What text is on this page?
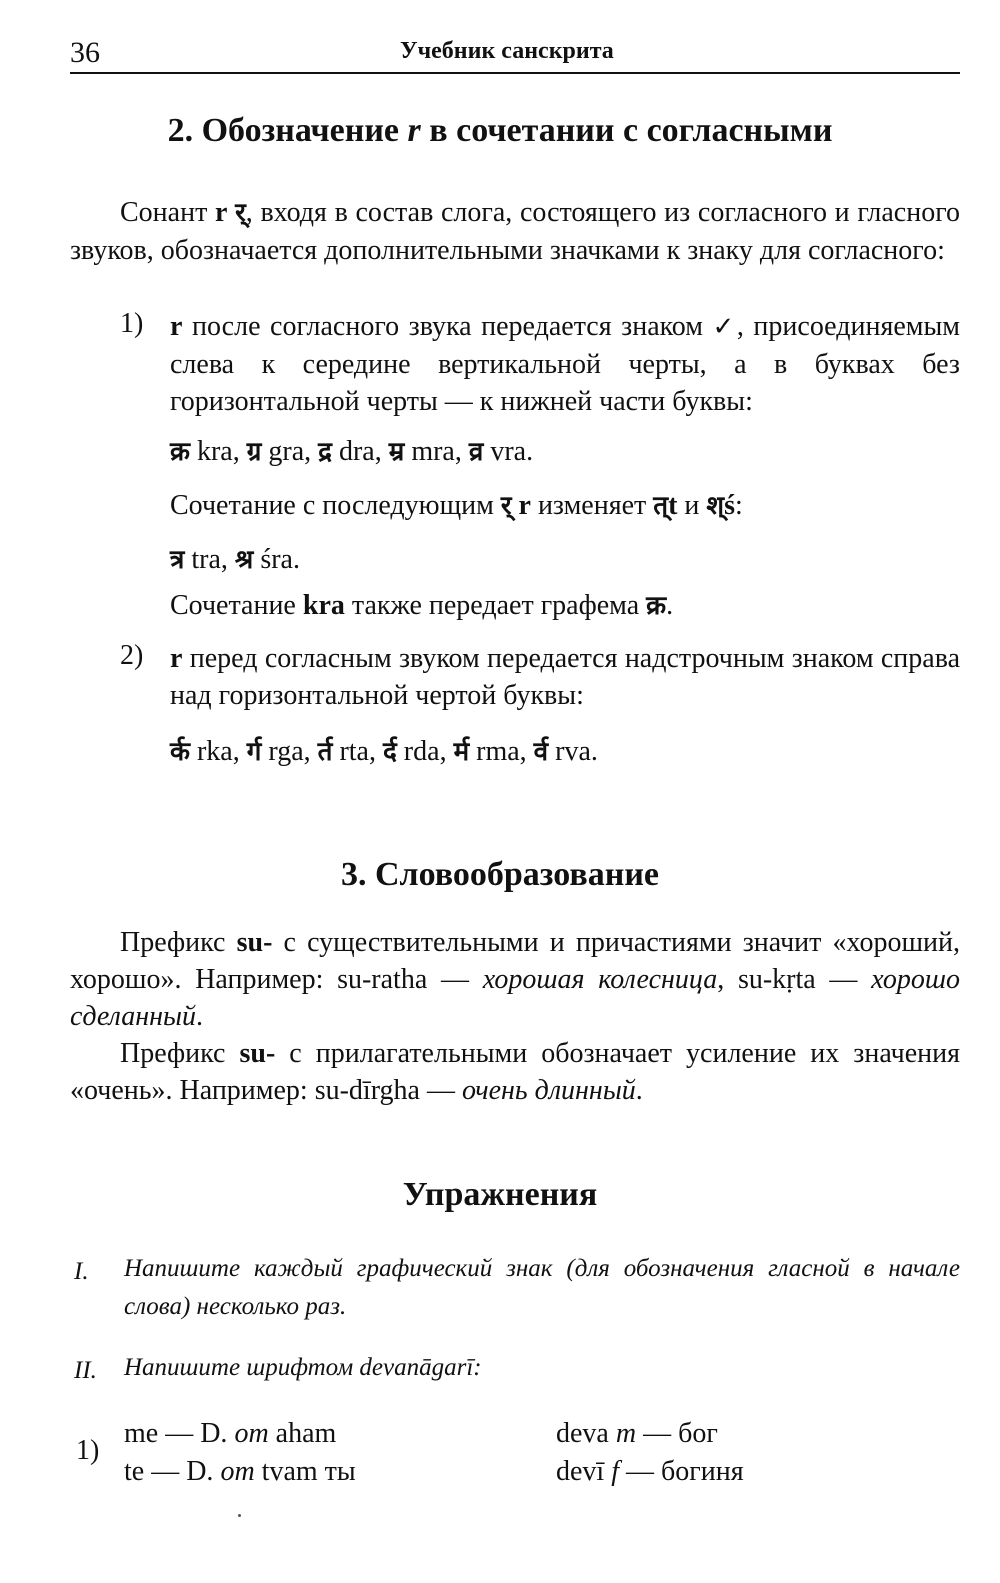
36	Учебник санскрита
2. Обозначение r в сочетании с согласными
Сонант r र्, входя в состав слога, состоящего из согласного и гласного звуков, обозначается дополнительными значками к знаку для согласного:
1) r после согласного звука передается знаком ✓, присоединяемым слева к середине вертикальной черты, а в буквах без горизонтальной черты — к нижней части буквы:
क्र kra, ग्र gra, द्र dra, म्र mra, व्र vra.
Сочетание с последующим र् r изменяет त्t и श्ś:
त्र tra, श्र śra.
Сочетание kra также передает графема क्र.
2) r перед согласным звуком передается надстрочным знаком справа над горизонтальной чертой буквы:
र्क rka, र्ग rga, र्त rta, र्द rda, र्म rma, र्व rva.
3. Словообразование
Префикс su- с существительными и причастиями значит «хороший, хорошо». Например: su-ratha — хорошая колесница, su-kṛta — хорошо сделанный.
Префикс su- с прилагательными обозначает усиление их значения «очень». Например: su-dīrgha — очень длинный.
Упражнения
I. Напишите каждый графический знак (для обозначения гласной в начале слова) несколько раз.
II. Напишите шрифтом devanāgarī:
1)
me — D. om aham
te — D. om tvam ты
deva m — бог
devī f — богиня
